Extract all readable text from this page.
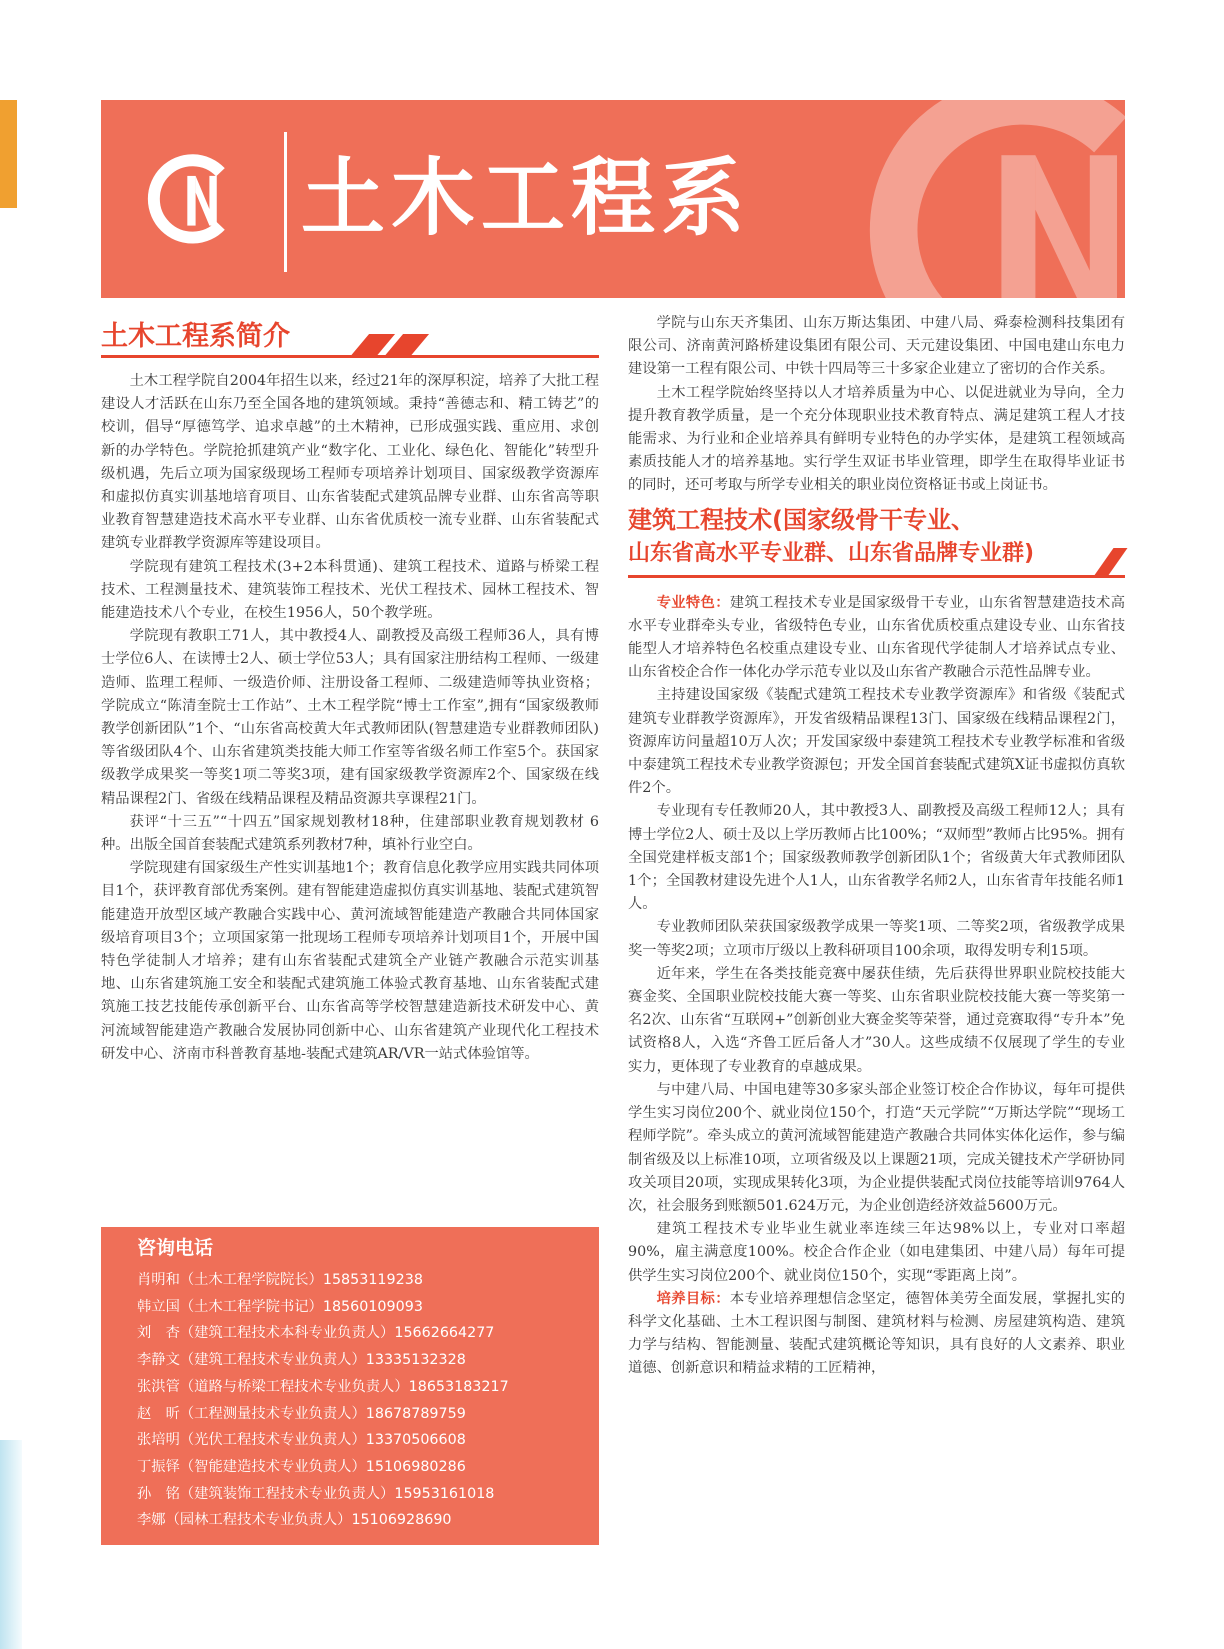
土木工程系
土木工程系简介

土木工程学院自2004年招生以来，经过21年的深厚积淀，培养了大批工程建设人才活跃在山东乃至全国各地的建筑领域。秉持“善德志和、精工铸艺”的校训，倡导“厚德笃学、追求卓越”的土木精神，已形成强实践、重应用、求创新的办学特色。学院抢抓建筑产业“数字化、工业化、绿色化、智能化”转型升级机遇，先后立项为国家级现场工程师专项培养计划项目、国家级教学资源库和虚拟仿真实训基地培育项目、山东省装配式建筑品牌专业群、山东省高等职业教育智慧建造技术高水平专业群、山东省优质校一流专业群、山东省装配式建筑专业群教学资源库等建设项目。

学院现有建筑工程技术(3+2本科贯通)、建筑工程技术、道路与桥梁工程技术、工程测量技术、建筑装饰工程技术、光伏工程技术、园林工程技术、智能建造技术八个专业，在校生1956人，50个教学班。

学院现有教职工71人，其中教授4人、副教授及高级工程师36人，具有博士学位6人、在读博士2人、硕士学位53人；具有国家注册结构工程师、一级建造师、监理工程师、一级造价师、注册设备工程师、二级建造师等执业资格；学院成立“陈清奎院士工作站”、土木工程学院“博士工作室”,拥有“国家级教师教学创新团队”1个、“山东省高校黄大年式教师团队(智慧建造专业群教师团队)等省级团队4个、山东省建筑类技能大师工作室等省级名师工作室5个。获国家级教学成果奖一等奖1项二等奖3项，建有国家级教学资源库2个、国家级在线精品课程2门、省级在线精品课程及精品资源共享课程21门。

获评“十三五”“十四五”国家规划教材18种，住建部职业教育规划教材 6 种。出版全国首套装配式建筑系列教材7种，填补行业空白。

学院现建有国家级生产性实训基地1个；教育信息化教学应用实践共同体项目1个，获评教育部优秀案例。建有智能建造虚拟仿真实训基地、装配式建筑智能建造开放型区域产教融合实践中心、黄河流域智能建造产教融合共同体国家级培育项目3个；立项国家第一批现场工程师专项培养计划项目1个，开展中国特色学徒制人才培养；建有山东省装配式建筑全产业链产教融合示范实训基地、山东省建筑施工安全和装配式建筑施工体验式教育基地、山东省装配式建筑施工技艺技能传承创新平台、山东省高等学校智慧建造新技术研发中心、黄河流域智能建造产教融合发展协同创新中心、山东省建筑产业现代化工程技术研发中心、济南市科普教育基地-装配式建筑AR/VR一站式体验馆等。

咨询电话
肖明和（土木工程学院院长）15853119238
韩立国（土木工程学院书记）18560109093
刘　杏（建筑工程技术本科专业负责人）15662664277
李静文（建筑工程技术专业负责人）13335132328
张洪管（道路与桥梁工程技术专业负责人）18653183217
赵　昕（工程测量技术专业负责人）18678789759
张培明（光伏工程技术专业负责人）13370506608
丁振铎（智能建造技术专业负责人）15106980286
孙　铭（建筑装饰工程技术专业负责人）15953161018
李娜（园林工程技术专业负责人）15106928690

学院与山东天齐集团、山东万斯达集团、中建八局、舜泰检测科技集团有限公司、济南黄河路桥建设集团有限公司、天元建设集团、中国电建山东电力建设第一工程有限公司、中铁十四局等三十多家企业建立了密切的合作关系。

土木工程学院始终坚持以人才培养质量为中心、以促进就业为导向，全力提升教育教学质量，是一个充分体现职业技术教育特点、满足建筑工程人才技能需求、为行业和企业培养具有鲜明专业特色的办学实体，是建筑工程领域高素质技能人才的培养基地。实行学生双证书毕业管理，即学生在取得毕业证书的同时，还可考取与所学专业相关的职业岗位资格证书或上岗证书。

建筑工程技术(国家级骨干专业、
山东省高水平专业群、山东省品牌专业群)

专业特色：建筑工程技术专业是国家级骨干专业，山东省智慧建造技术高水平专业群牵头专业，省级特色专业，山东省优质校重点建设专业、山东省技能型人才培养特色名校重点建设专业、山东省现代学徒制人才培养试点专业、山东省校企合作一体化办学示范专业以及山东省产教融合示范性品牌专业。

主持建设国家级《装配式建筑工程技术专业教学资源库》和省级《装配式建筑专业群教学资源库》，开发省级精品课程13门、国家级在线精品课程2门，资源库访问量超10万人次；开发国家级中泰建筑工程技术专业教学标准和省级中泰建筑工程技术专业教学资源包；开发全国首套装配式建筑X证书虚拟仿真软件2个。

专业现有专任教师20人，其中教授3人、副教授及高级工程师12人；具有博士学位2人、硕士及以上学历教师占比100%；“双师型”教师占比95%。拥有全国党建样板支部1个；国家级教师教学创新团队1个；省级黄大年式教师团队1个；全国教材建设先进个人1人，山东省教学名师2人，山东省青年技能名师1人。

专业教师团队荣获国家级教学成果一等奖1项、二等奖2项，省级教学成果奖一等奖2项；立项市厅级以上教科研项目100余项，取得发明专利15项。

近年来，学生在各类技能竞赛中屡获佳绩，先后获得世界职业院校技能大赛金奖、全国职业院校技能大赛一等奖、山东省职业院校技能大赛一等奖第一名2次、山东省“互联网+”创新创业大赛金奖等荣誉，通过竞赛取得“专升本”免试资格8人，入选“齐鲁工匠后备人才”30人。这些成绩不仅展现了学生的专业实力，更体现了专业教育的卓越成果。

与中建八局、中国电建等30多家头部企业签订校企合作协议，每年可提供学生实习岗位200个、就业岗位150个，打造“天元学院”“万斯达学院”“现场工程师学院”。牵头成立的黄河流域智能建造产教融合共同体实体化运作，参与编制省级及以上标准10项，立项省级及以上课题21项，完成关键技术产学研协同攻关项目20项，实现成果转化3项，为企业提供装配式岗位技能等培训9764人次，社会服务到账额501.624万元，为企业创造经济效益5600万元。

建筑工程技术专业毕业生就业率连续三年达98%以上，专业对口率超90%，雇主满意度100%。校企合作企业（如电建集团、中建八局）每年可提供学生实习岗位200个、就业岗位150个，实现“零距离上岗”。

培养目标：本专业培养理想信念坚定，德智体美劳全面发展，掌握扎实的科学文化基础、土木工程识图与制图、建筑材料与检测、房屋建筑构造、建筑力学与结构、智能测量、装配式建筑概论等知识，具有良好的人文素养、职业道德、创新意识和精益求精的工匠精神，
